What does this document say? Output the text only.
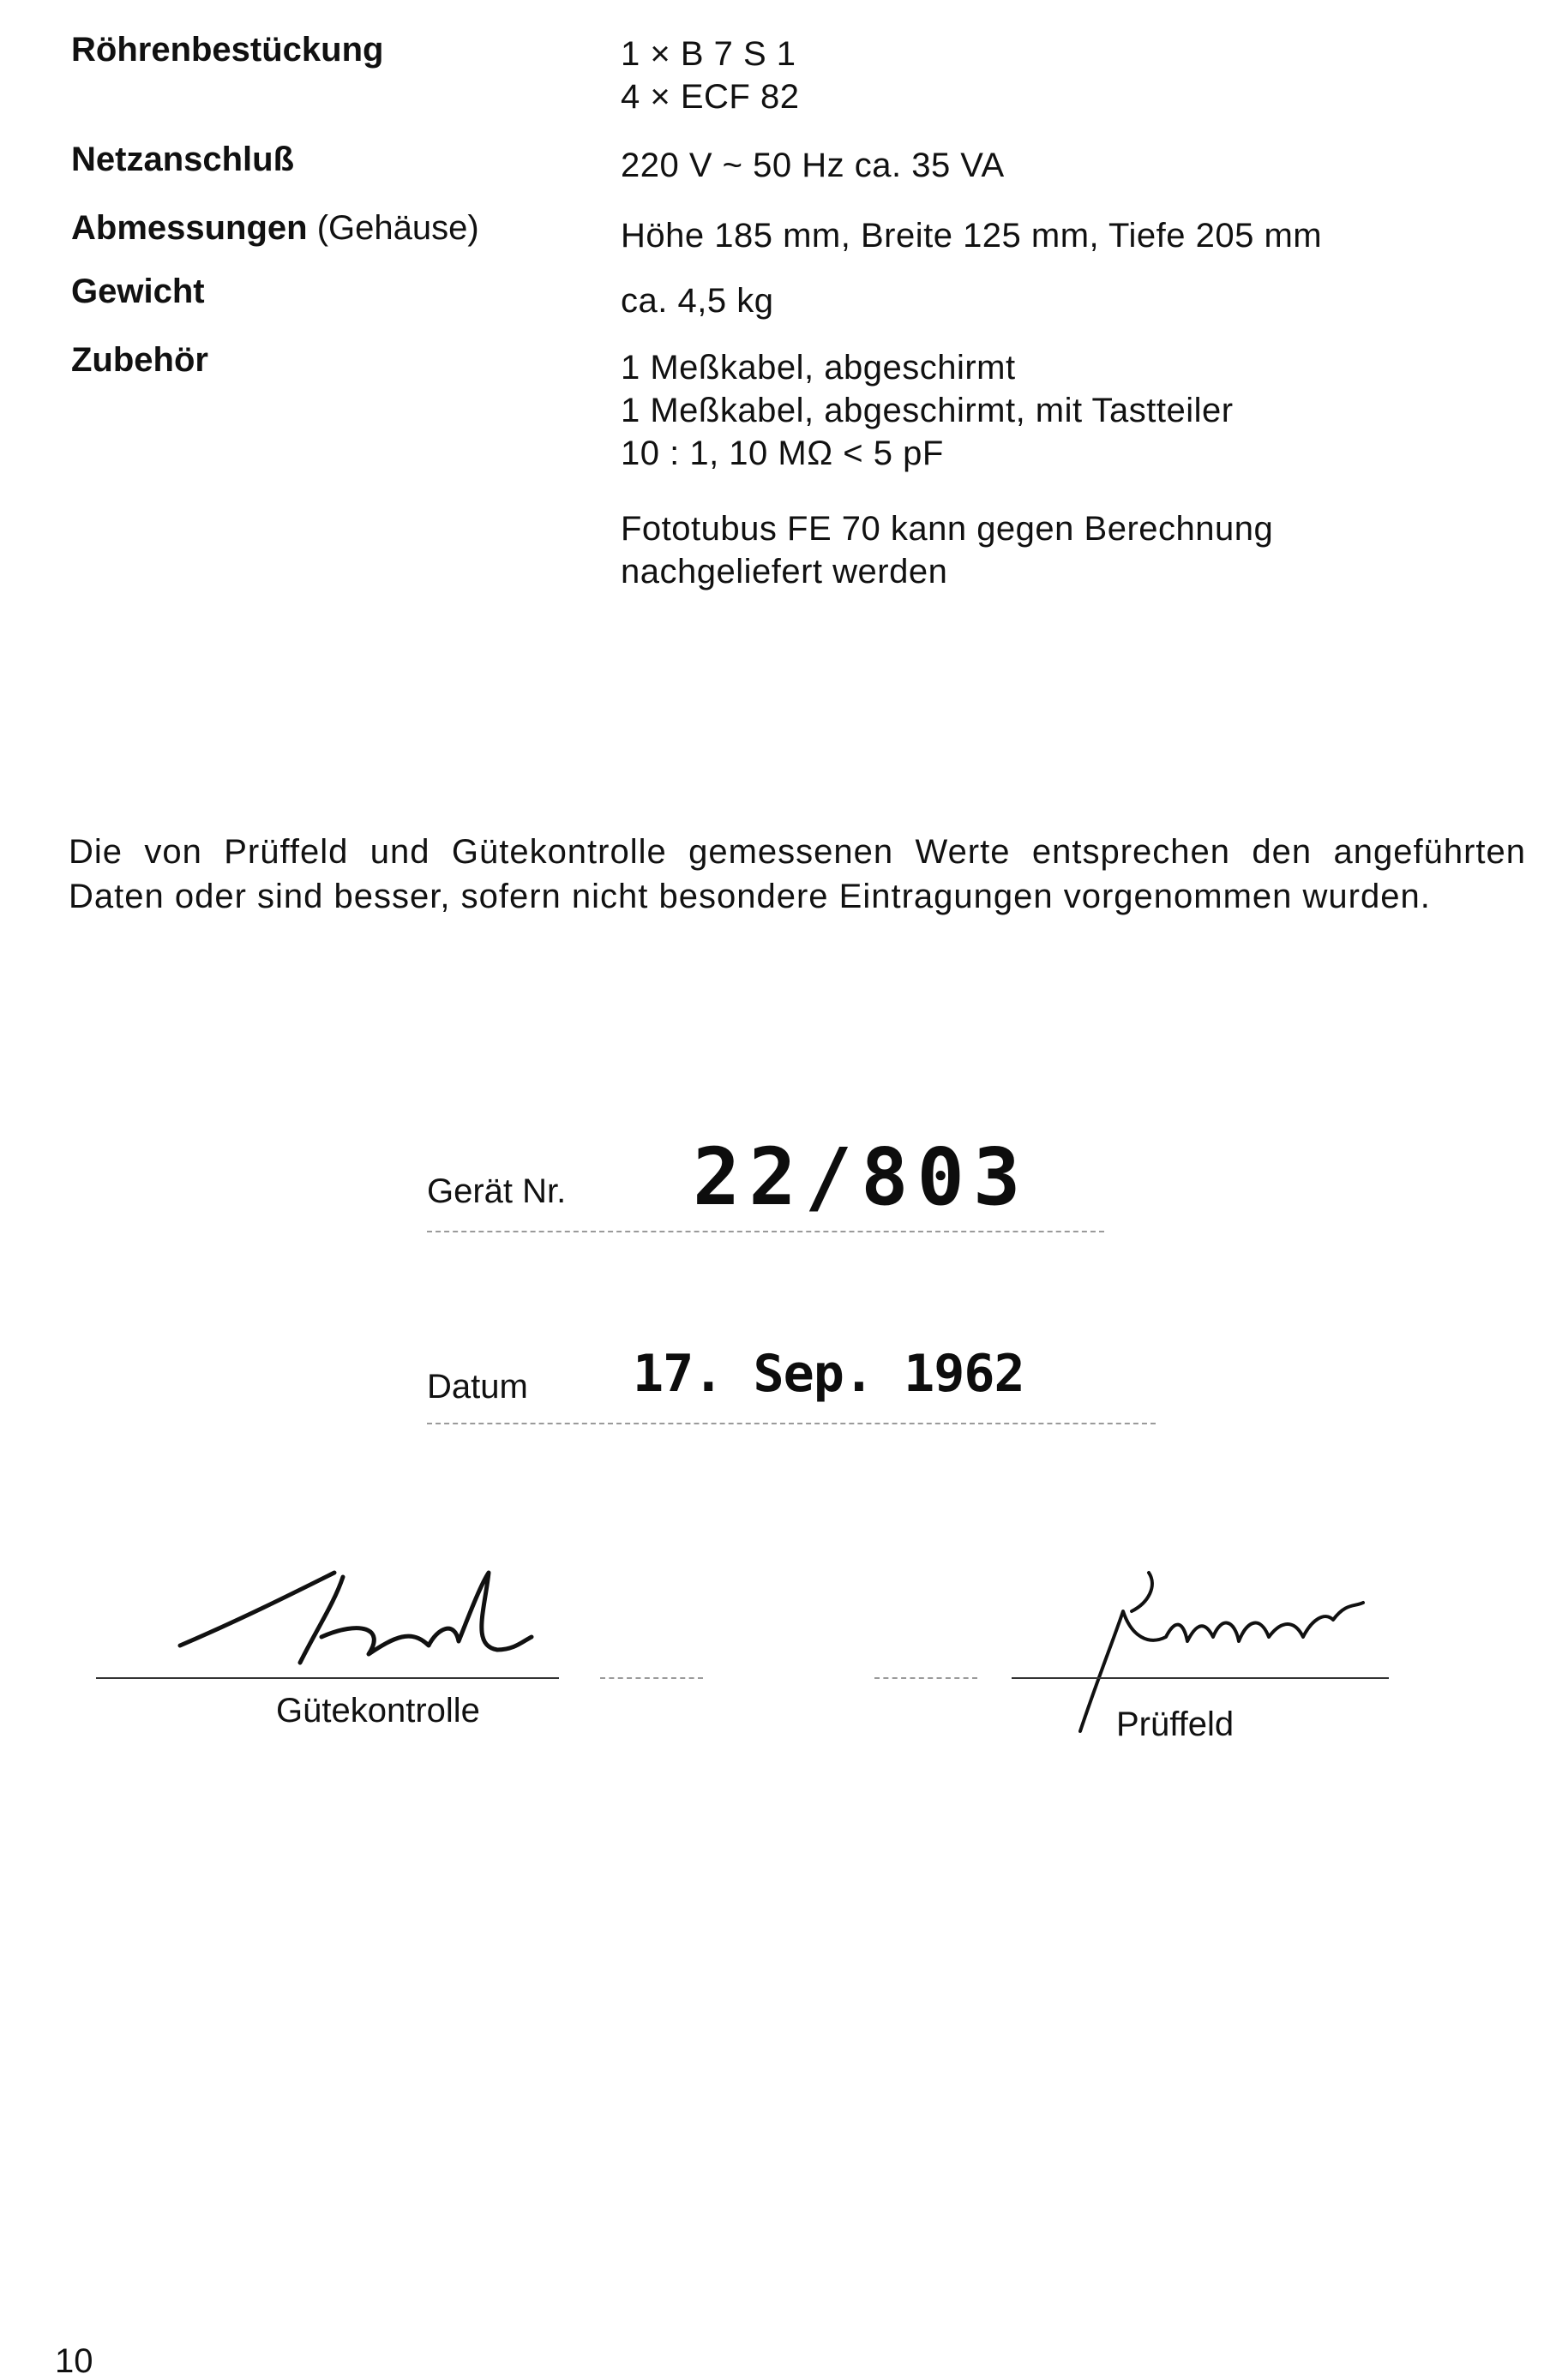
Röhrenbestückung	1 × B 7 S 1
4 × ECF 82
Netzanschluß	220 V ~ 50 Hz ca. 35 VA
Abmessungen (Gehäuse)	Höhe 185 mm, Breite 125 mm, Tiefe 205 mm
Gewicht	ca. 4,5 kg
Zubehör	1 Meßkabel, abgeschirmt
1 Meßkabel, abgeschirmt, mit Tastteiler
10 : 1, 10 MΩ < 5 pF
Fototubus FE 70 kann gegen Berechnung
nachgeliefert werden
Die von Prüffeld und Gütekontrolle gemessenen Werte entsprechen den angeführten Daten oder sind besser, sofern nicht besondere Eintragungen vorgenommen wurden.
Gerät Nr. 22/803
Datum 17. Sep. 1962
Gütekontrolle	Prüffeld
10
